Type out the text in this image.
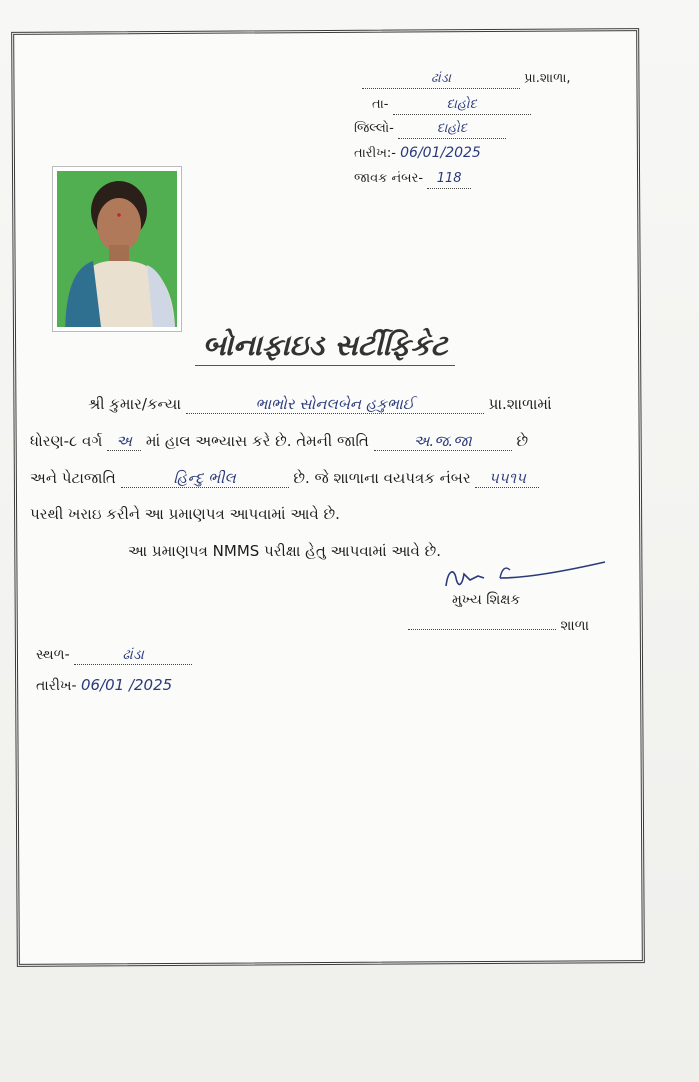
ઢાંડા	પ્રા.શાળા,
તા-	દાહોદ
જિલ્લો-	દાહોદ
તારીખ:- 06/01/2025
જાવક નંબર- 118
બોનાફાઇડ સર્ટીફિકેટ
શ્રી કુમાર/કન્યા	ભાભોર સોનલબેન હકુભાઈ	પ્રા.શાળામાં
ધોરણ-૮ વર્ગ અ માં હાલ અભ્યાસ કરે છે. તેમની જાતિ	અ.જ.જા	છે
અને પેટાજાતિ	હિન્દુ ભીલ	છે. જે શાળાના વયપત્રક નંબર ૫૫૧૫
પરથી ખરાઇ કરીને આ પ્રમાણપત્ર આપવામાં આવે છે.
આ પ્રમાણપત્ર NMMS પરીક્ષા હેતુ આપવામાં આવે છે.
મુખ્ય શિક્ષક
શાળા
સ્થળ-	ઢાંડા
તારીખ- 06/01 /2025
